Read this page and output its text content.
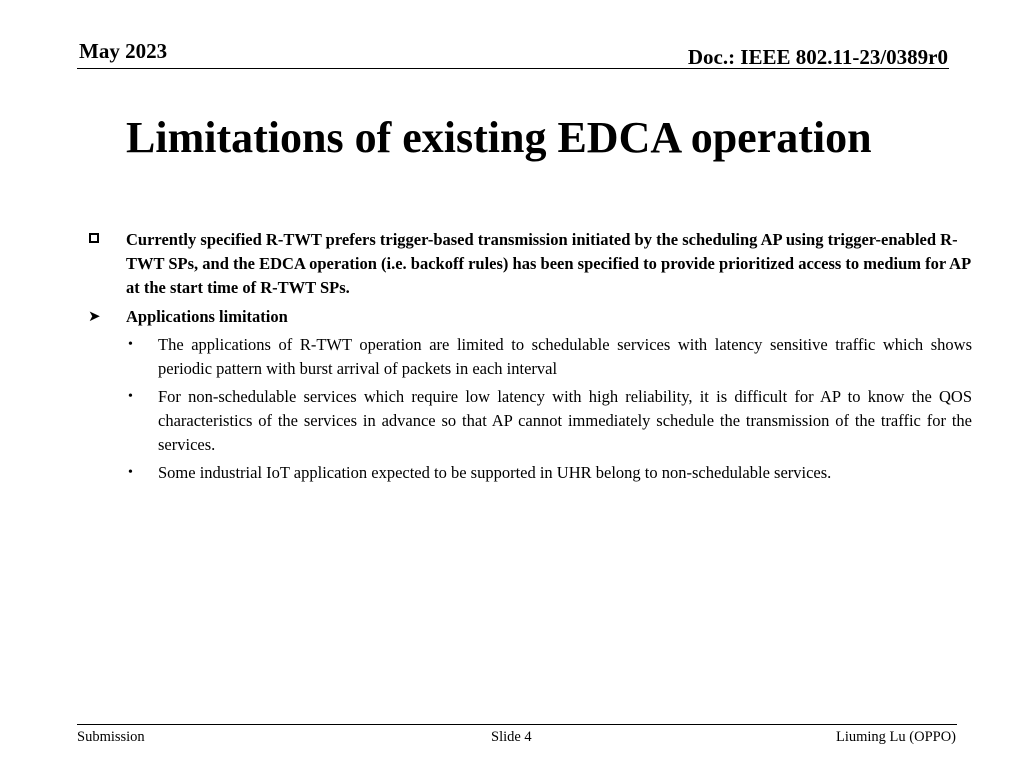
May 2023	Doc.: IEEE 802.11-23/0389r0
Limitations of existing EDCA operation
Currently specified R-TWT prefers trigger-based transmission initiated by the scheduling AP using trigger-enabled R-TWT SPs, and the EDCA operation (i.e. backoff rules) has been specified to provide prioritized access to medium for AP at the start time of R-TWT SPs.
➤ Applications limitation
• The applications of R-TWT operation are limited to schedulable services with latency sensitive traffic which shows periodic pattern with burst arrival of packets in each interval
• For non-schedulable services which require low latency with high reliability, it is difficult for AP to know the QOS characteristics of the services in advance so that AP cannot immediately schedule the transmission of the traffic for the services.
• Some industrial IoT application expected to be supported in UHR belong to non-schedulable services.
Submission	Slide 4	Liuming Lu (OPPO)
